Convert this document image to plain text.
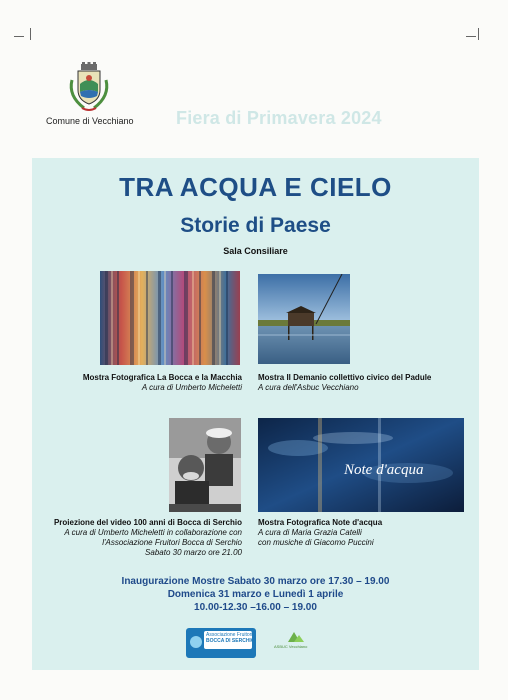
Comune di Vecchiano Fiera di Primavera 2024
TRA ACQUA E CIELO
Storie di Paese
Sala Consiliare
Mostra Fotografica La Bocca e la Macchia
A cura di Umberto Micheletti
Mostra Il Demanio collettivo civico del Padule
A cura dell'Asbuc Vecchiano
Note d'acqua
Proiezione del video 100 anni di Bocca di Serchio
A cura di Umberto Micheletti in collaborazione con
l'Associazione Fruitori Bocca di Serchio
Sabato 30 marzo ore 21.00
Mostra Fotografica Note d'acqua
A cura di Maria Grazia Catelli
con musiche di Giacomo Puccini
Inaugurazione Mostre Sabato 30 marzo ore 17.30 – 19.00
Domenica 31 marzo e Lunedì 1 aprile
10.00-12.30 –16.00 – 19.00
Associazione Fruitori
BOCCA DI SERCHIO
ASBUC Vecchiano
